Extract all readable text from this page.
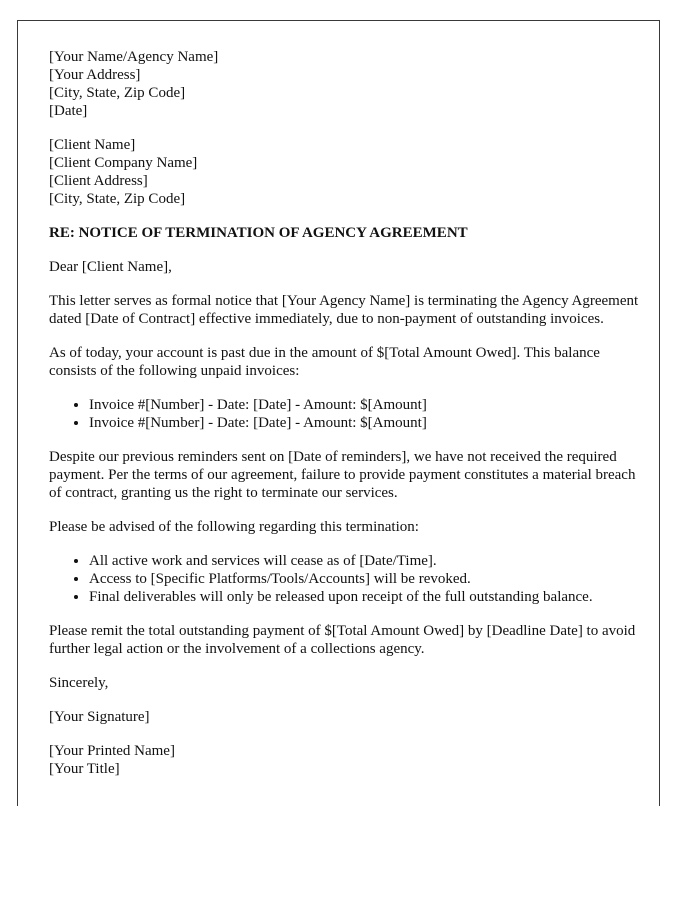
[Your Name/Agency Name]
[Your Address]
[City, State, Zip Code]
[Date]
[Client Name]
[Client Company Name]
[Client Address]
[City, State, Zip Code]
RE: NOTICE OF TERMINATION OF AGENCY AGREEMENT

Dear [Client Name],

This letter serves as formal notice that [Your Agency Name] is terminating the Agency Agreement dated [Date of Contract] effective immediately, due to non-payment of outstanding invoices.

As of today, your account is past due in the amount of $[Total Amount Owed]. This balance consists of the following unpaid invoices:

• Invoice #[Number] - Date: [Date] - Amount: $[Amount]
• Invoice #[Number] - Date: [Date] - Amount: $[Amount]

Despite our previous reminders sent on [Date of reminders], we have not received the required payment. Per the terms of our agreement, failure to provide payment constitutes a material breach of contract, granting us the right to terminate our services.

Please be advised of the following regarding this termination:

• All active work and services will cease as of [Date/Time].
• Access to [Specific Platforms/Tools/Accounts] will be revoked.
• Final deliverables will only be released upon receipt of the full outstanding balance.

Please remit the total outstanding payment of $[Total Amount Owed] by [Deadline Date] to avoid further legal action or the involvement of a collections agency.

Sincerely,

[Your Signature]

[Your Printed Name]
[Your Title]
